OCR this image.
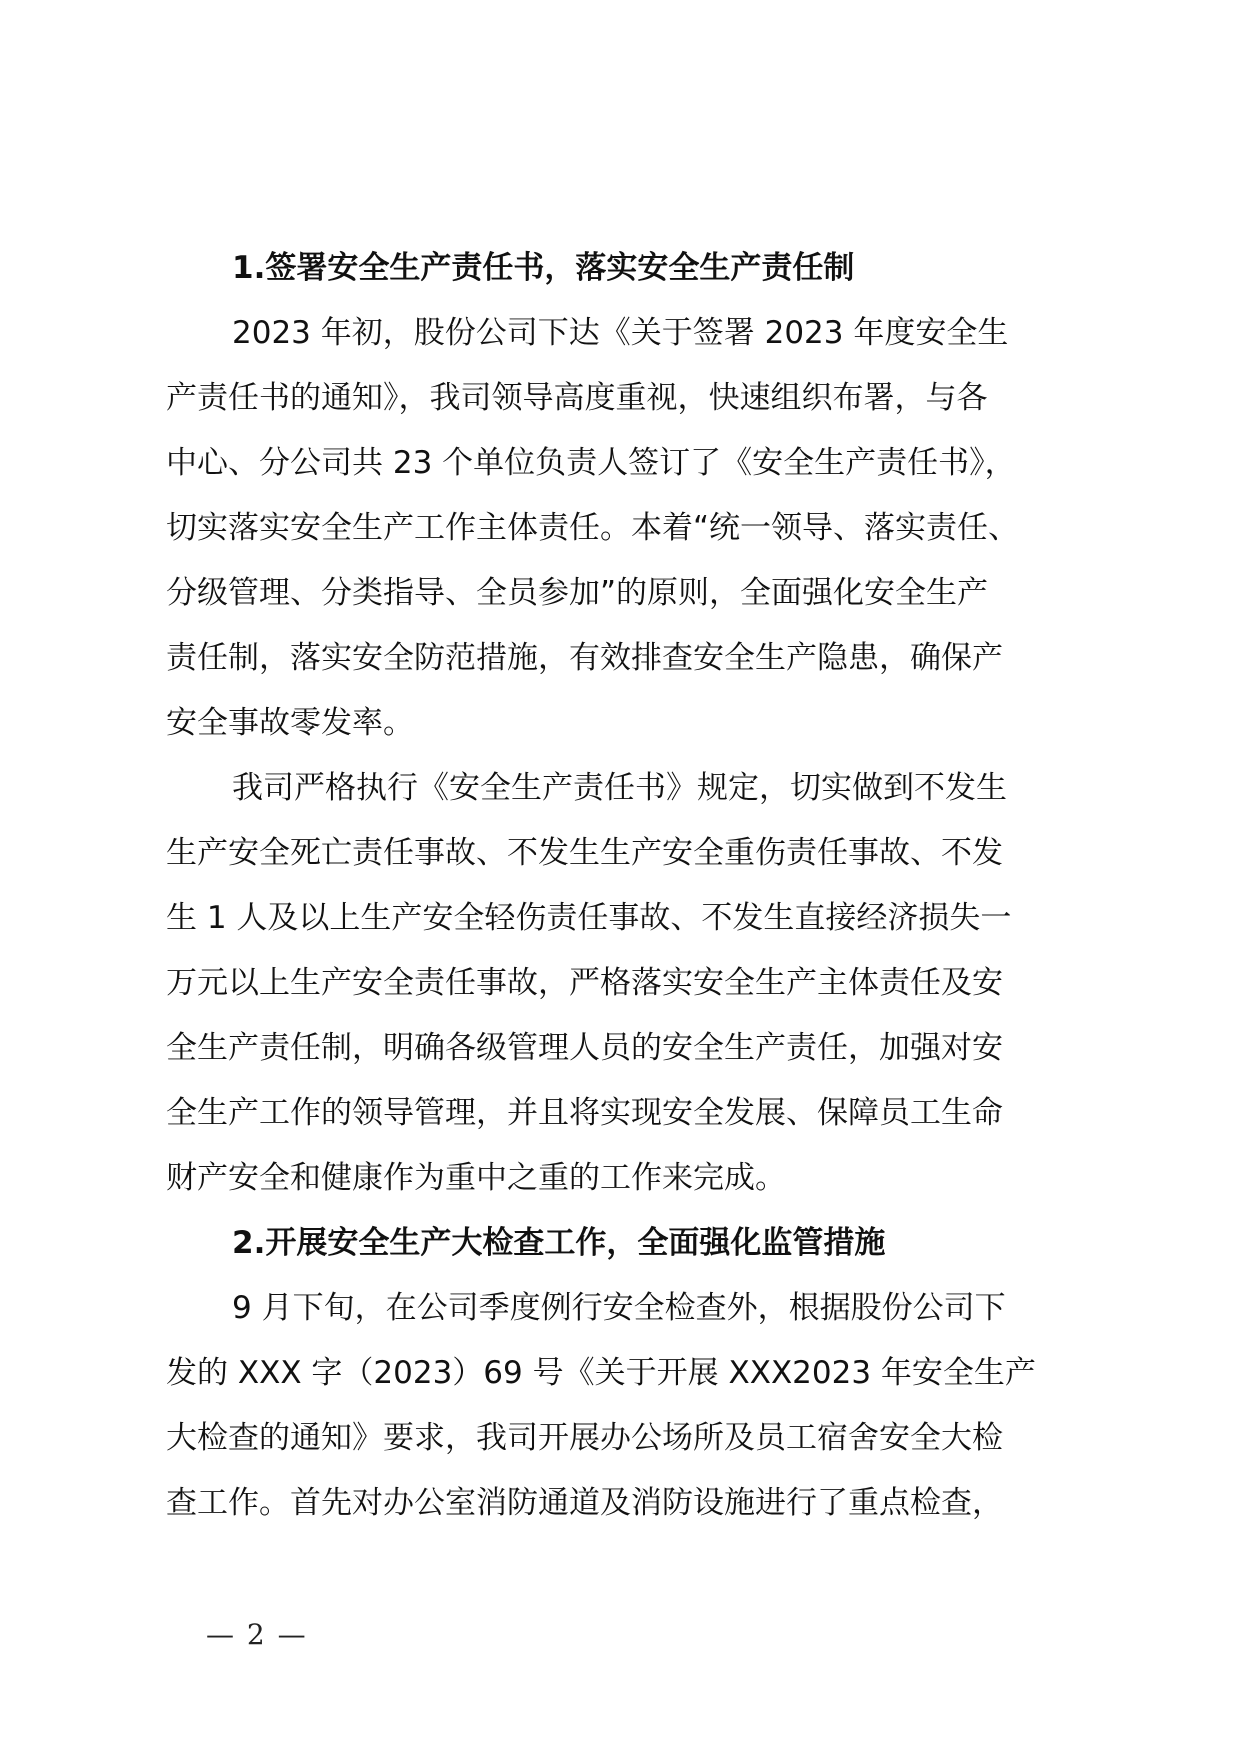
1.签署安全生产责任书，落实安全生产责任制
2023 年初，股份公司下达《关于签署 2023 年度安全生
产责任书的通知》，我司领导高度重视，快速组织布署，与各
中心、分公司共 23 个单位负责人签订了《安全生产责任书》，
切实落实安全生产工作主体责任。本着“统一领导、落实责任、
分级管理、分类指导、全员参加”的原则，全面强化安全生产
责任制，落实安全防范措施，有效排查安全生产隐患，确保产
安全事故零发率。
我司严格执行《安全生产责任书》规定，切实做到不发生
生产安全死亡责任事故、不发生生产安全重伤责任事故、不发
生 1 人及以上生产安全轻伤责任事故、不发生直接经济损失一
万元以上生产安全责任事故，严格落实安全生产主体责任及安
全生产责任制，明确各级管理人员的安全生产责任，加强对安
全生产工作的领导管理，并且将实现安全发展、保障员工生命
财产安全和健康作为重中之重的工作来完成。
2.开展安全生产大检查工作，全面强化监管措施
9 月下旬，在公司季度例行安全检查外，根据股份公司下
发的 XXX 字（2023）69 号《关于开展 XXX2023 年安全生产
大检查的通知》要求，我司开展办公场所及员工宿舍安全大检
查工作。首先对办公室消防通道及消防设施进行了重点检查，
— 2 —
